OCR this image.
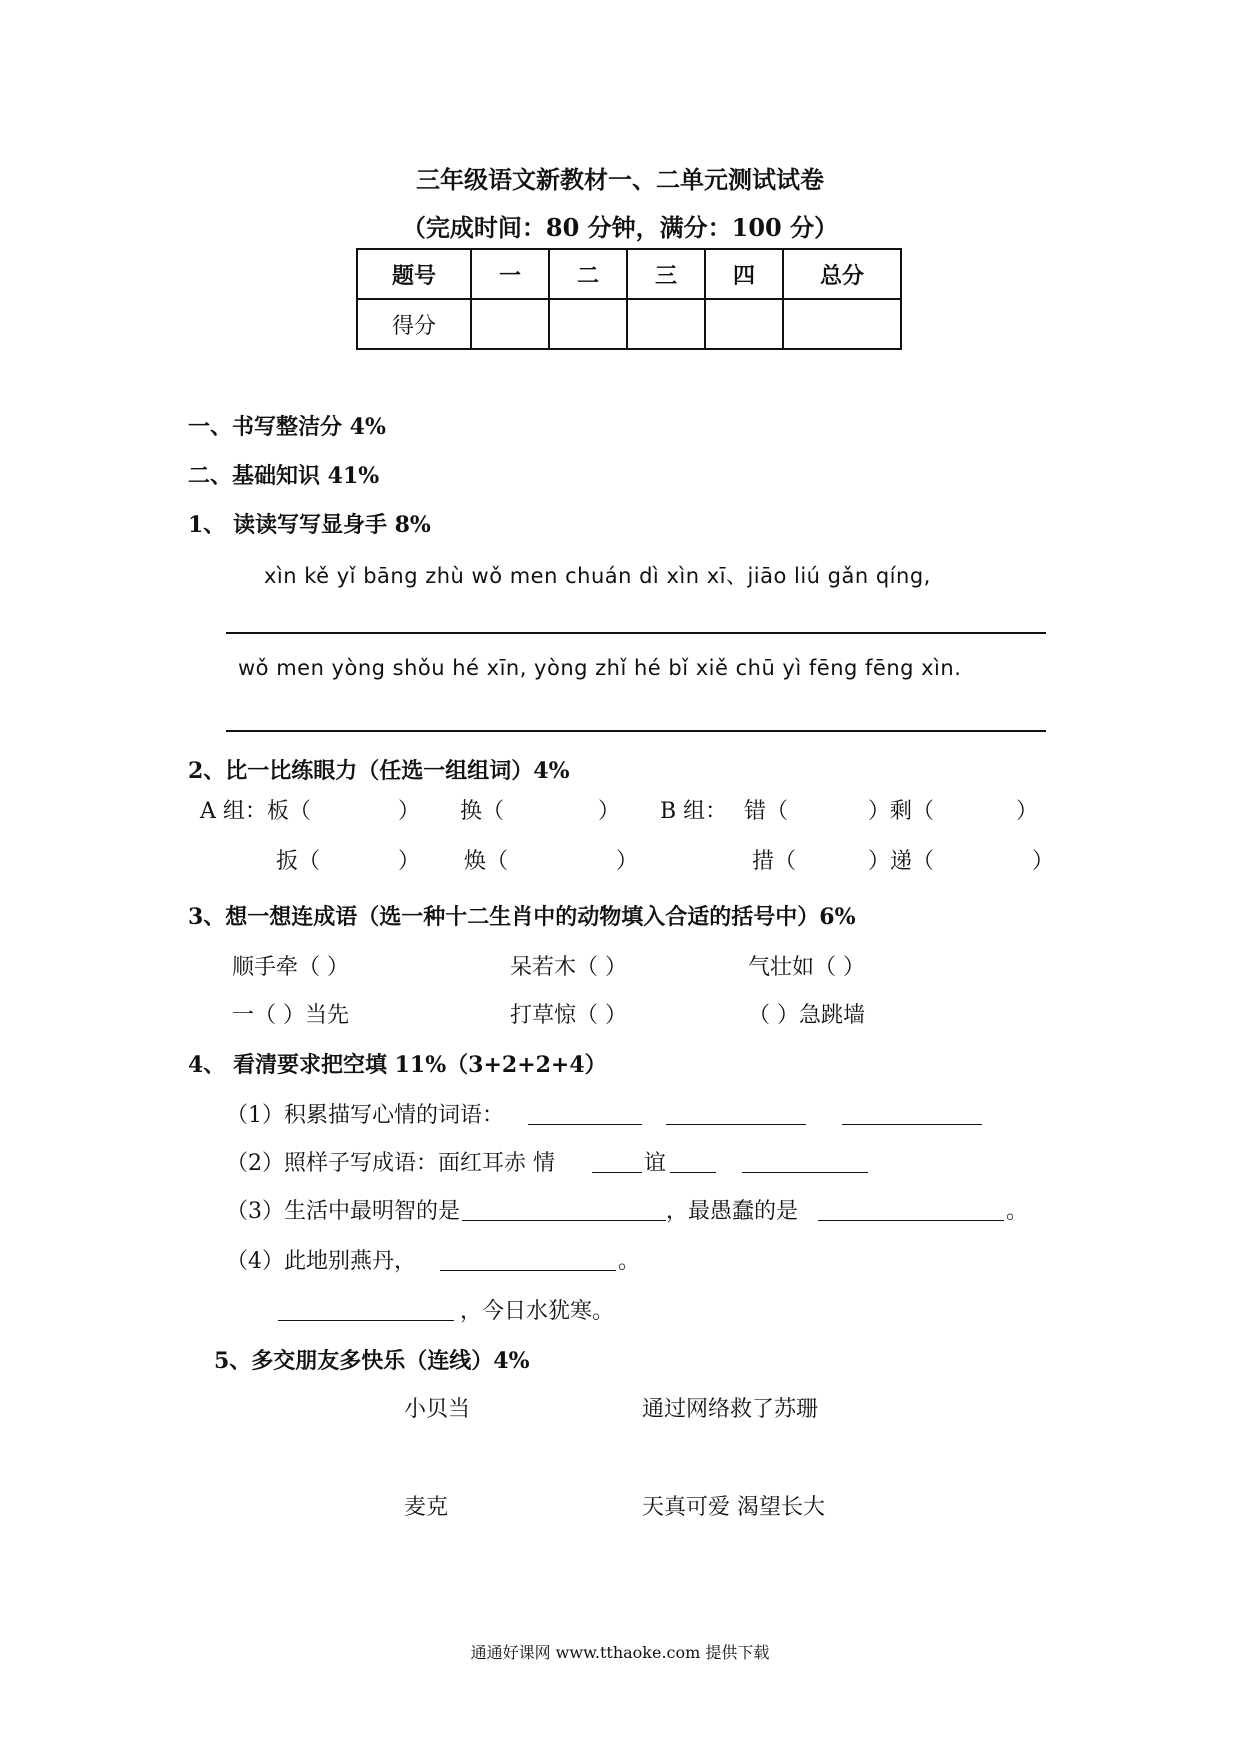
三年级语文新教材一、二单元测试试卷
（完成时间：80 分钟，满分：100 分）
题号	一	二	三	四	总分
得分					
一、书写整洁分 4%
二、基础知识 41%
1、 读读写写显身手 8%
xìn kě yǐ bāng zhù wǒ men chuán dì xìn xī、jiāo liú gǎn qíng,
wǒ men yòng shǒu hé xīn, yòng zhǐ hé bǐ xiě chū yì fēng fēng xìn.
2、比一比练眼力（任选一组组词）4%
A 组：板（	） 换（	） B 组： 错（	）剩（	）
扳（	） 焕（	）	措（	）递（	）
3、想一想连成语（选一种十二生肖中的动物填入合适的括号中）6%
顺手牵（ ）	呆若木（ ）	气壮如（ ）
一（ ）当先	打草惊（ ）	（ ）急跳墙
4、 看清要求把空填 11%（3+2+2+4）
（1）积累描写心情的词语：
（2）照样子写成语：面红耳赤 情	谊
（3）生活中最明智的是	，最愚蠢的是	。
（4）此地别燕丹，	。
，今日水犹寒。
5、多交朋友多快乐（连线）4%
小贝当	通过网络救了苏珊
麦克	天真可爱 渴望长大
通通好课网 www.tthaoke.com 提供下载
